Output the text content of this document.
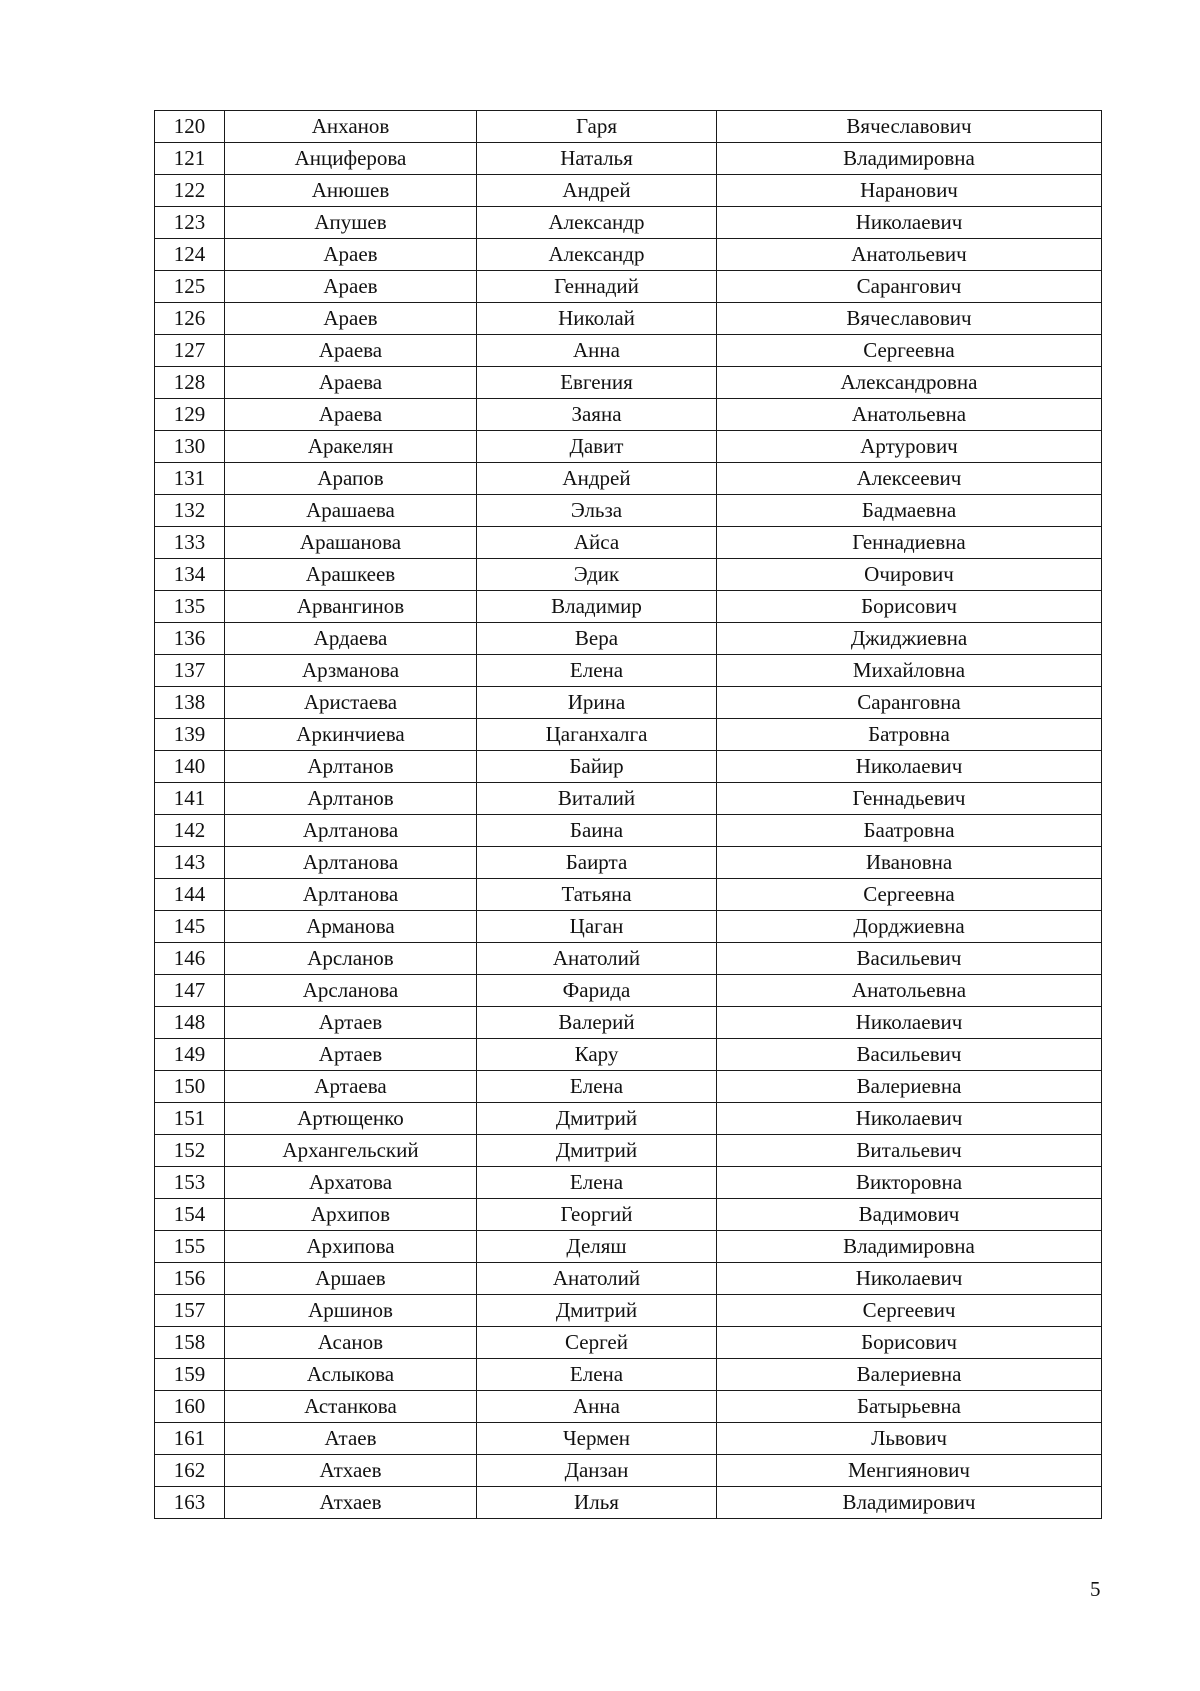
120	Анханов	Гаря	Вячеславович
121	Анциферова	Наталья	Владимировна
122	Анюшев	Андрей	Наранович
123	Апушев	Александр	Николаевич
124	Араев	Александр	Анатольевич
125	Араев	Геннадий	Сарангович
126	Араев	Николай	Вячеславович
127	Араева	Анна	Сергеевна
128	Араева	Евгения	Александровна
129	Араева	Заяна	Анатольевна
130	Аракелян	Давит	Артурович
131	Арапов	Андрей	Алексеевич
132	Арашаева	Эльза	Бадмаевна
133	Арашанова	Айса	Геннадиевна
134	Арашкеев	Эдик	Очирович
135	Арвангинов	Владимир	Борисович
136	Ардаева	Вера	Джиджиевна
137	Арзманова	Елена	Михайловна
138	Аристаева	Ирина	Саранговна
139	Аркинчиева	Цаганхалга	Батровна
140	Арлтанов	Байир	Николаевич
141	Арлтанов	Виталий	Геннадьевич
142	Арлтанова	Баина	Баатровна
143	Арлтанова	Баирта	Ивановна
144	Арлтанова	Татьяна	Сергеевна
145	Арманова	Цаган	Дорджиевна
146	Арсланов	Анатолий	Васильевич
147	Арсланова	Фарида	Анатольевна
148	Артаев	Валерий	Николаевич
149	Артаев	Кару	Васильевич
150	Артаева	Елена	Валериевна
151	Артющенко	Дмитрий	Николаевич
152	Архангельский	Дмитрий	Витальевич
153	Архатова	Елена	Викторовна
154	Архипов	Георгий	Вадимович
155	Архипова	Деляш	Владимировна
156	Аршаев	Анатолий	Николаевич
157	Аршинов	Дмитрий	Сергеевич
158	Асанов	Сергей	Борисович
159	Аслыкова	Елена	Валериевна
160	Астанкова	Анна	Батырьевна
161	Атаев	Чермен	Львович
162	Атхаев	Данзан	Менгиянович
163	Атхаев	Илья	Владимирович
5
